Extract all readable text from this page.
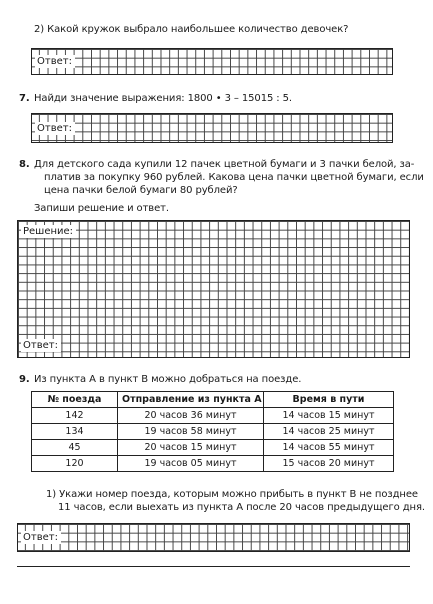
2) Какой кружок выбрало наибольшее количество девочек?
Ответ:
7. Найди значение выражения: 1800 • 3 – 15015 : 5.
Ответ:
8. Для детского сада купили 12 пачек цветной бумаги и 3 пачки белой, за-
платив за покупку 960 рублей. Какова цена пачки цветной бумаги, если
цена пачки белой бумаги 80 рублей?
Запиши решение и ответ.
Решение:
Ответ:
9. Из пункта А в пункт В можно добраться на поезде.
№ поезда	Отправление из пункта А	Время в пути
142	20 часов 36 минут	14 часов 15 минут
134	19 часов 58 минут	14 часов 25 минут
45	20 часов 15 минут	14 часов 55 минут
120	19 часов 05 минут	15 часов 20 минут
1) Укажи номер поезда, которым можно прибыть в пункт В не позднее
11 часов, если выехать из пункта А после 20 часов предыдущего дня.
Ответ:
